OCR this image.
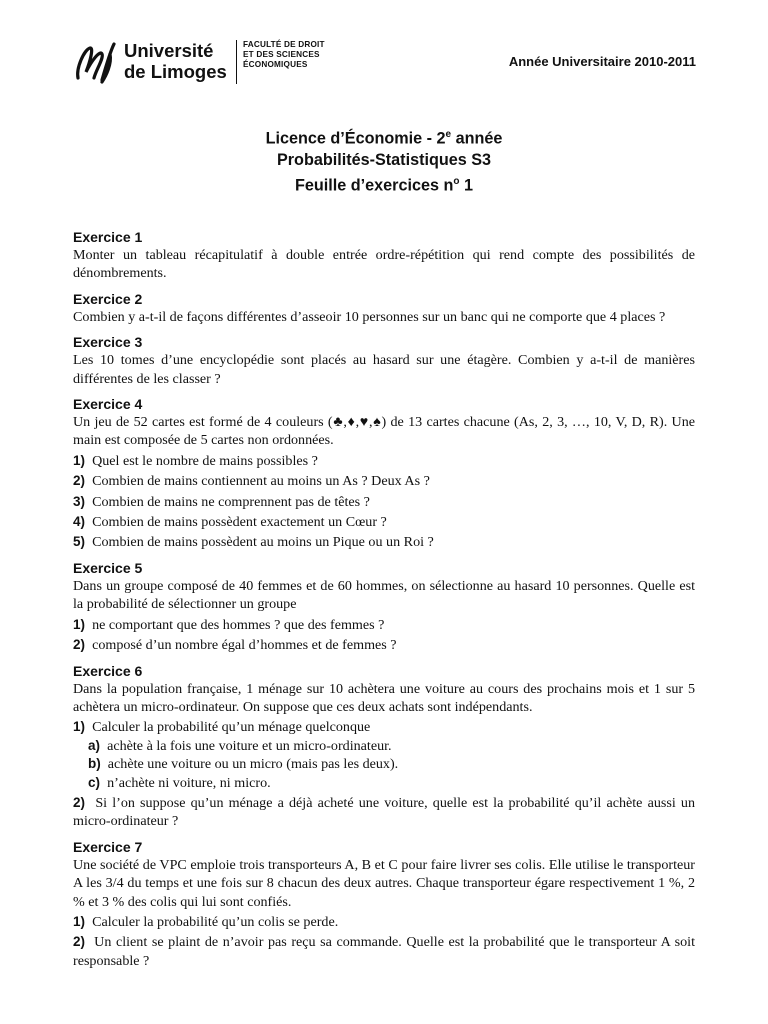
Université
de Limoges
FACULTÉ DE DROIT
ET DES SCIENCES
ÉCONOMIQUES	Année Universitaire 2010-2011
Licence d’Économie - 2e année
Probabilités-Statistiques S3
Feuille d’exercices $n^o$ 1
Exercice 1
Monter un tableau récapitulatif à double entrée ordre-répétition qui rend compte des possibilités de dénombrements.
Exercice 2
Combien y a-t-il de façons différentes d’asseoir 10 personnes sur un banc qui ne comporte que 4 places ?
Exercice 3
Les 10 tomes d’une encyclopédie sont placés au hasard sur une étagère. Combien y a-t-il de manières différentes de les classer ?
Exercice 4
Un jeu de 52 cartes est formé de 4 couleurs (♣,♦,♥,♠) de 13 cartes chacune (As, 2, 3, …, 10, V, D, R). Une main est composée de 5 cartes non ordonnées.
1) Quel est le nombre de mains possibles ?
2) Combien de mains contiennent au moins un As ? Deux As ?
3) Combien de mains ne comprennent pas de têtes ?
4) Combien de mains possèdent exactement un Cœur ?
5) Combien de mains possèdent au moins un Pique ou un Roi ?
Exercice 5
Dans un groupe composé de 40 femmes et de 60 hommes, on sélectionne au hasard 10 personnes. Quelle est la probabilité de sélectionner un groupe
1) ne comportant que des hommes ? que des femmes ?
2) composé d’un nombre égal d’hommes et de femmes ?
Exercice 6
Dans la population française, 1 ménage sur 10 achètera une voiture au cours des prochains mois et 1 sur 5 achètera un micro-ordinateur. On suppose que ces deux achats sont indépendants.
1) Calculer la probabilité qu’un ménage quelconque
a) achète à la fois une voiture et un micro-ordinateur.
b) achète une voiture ou un micro (mais pas les deux).
c) n’achète ni voiture, ni micro.
2) Si l’on suppose qu’un ménage a déjà acheté une voiture, quelle est la probabilité qu’il achète aussi un micro-ordinateur ?
Exercice 7
Une société de VPC emploie trois transporteurs A, B et C pour faire livrer ses colis. Elle utilise le transporteur A les 3/4 du temps et une fois sur 8 chacun des deux autres. Chaque transporteur égare respectivement 1 %, 2 % et 3 % des colis qui lui sont confiés.
1) Calculer la probabilité qu’un colis se perde.
2) Un client se plaint de n’avoir pas reçu sa commande. Quelle est la probabilité que le transporteur A soit responsable ?
